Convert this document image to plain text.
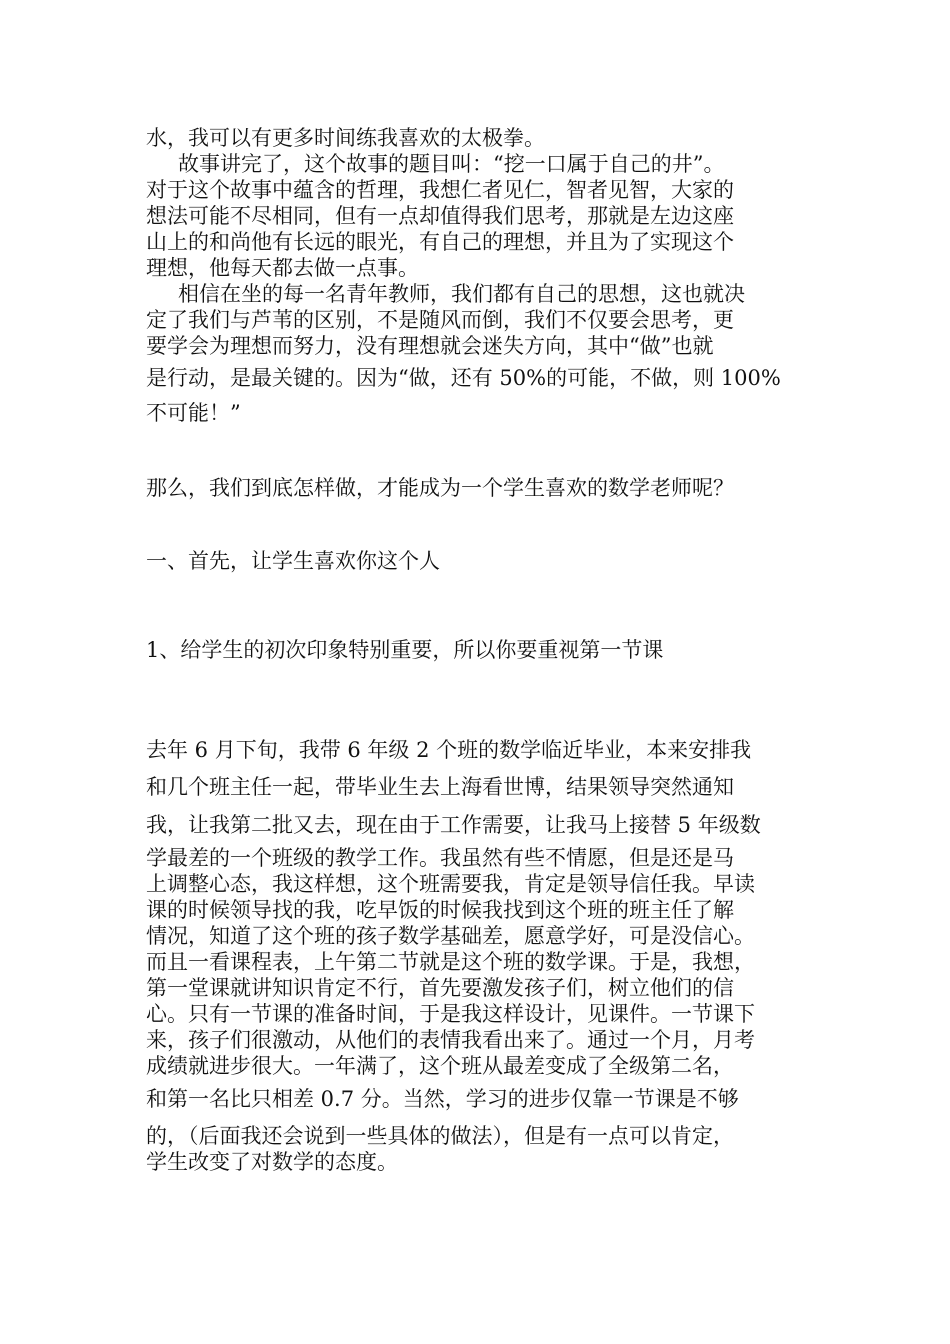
水，我可以有更多时间练我喜欢的太极拳。
故事讲完了，这个故事的题目叫：“挖一口属于自己的井”。
对于这个故事中蕴含的哲理，我想仁者见仁，智者见智，大家的
想法可能不尽相同，但有一点却值得我们思考，那就是左边这座
山上的和尚他有长远的眼光，有自己的理想，并且为了实现这个
理想，他每天都去做一点事。
相信在坐的每一名青年教师，我们都有自己的思想，这也就决
定了我们与芦苇的区别，不是随风而倒，我们不仅要会思考，更
要学会为理想而努力，没有理想就会迷失方向，其中“做”也就
是行动，是最关键的。因为“做，还有 50%的可能，不做，则 100%
不可能！”
那么，我们到底怎样做，才能成为一个学生喜欢的数学老师呢？
一、首先，让学生喜欢你这个人
1、给学生的初次印象特别重要，所以你要重视第一节课
去年 6 月下旬，我带 6 年级 2 个班的数学临近毕业，本来安排我
和几个班主任一起，带毕业生去上海看世博，结果领导突然通知
我，让我第二批又去，现在由于工作需要，让我马上接替 5 年级数
学最差的一个班级的教学工作。我虽然有些不情愿，但是还是马
上调整心态，我这样想，这个班需要我，肯定是领导信任我。早读
课的时候领导找的我，吃早饭的时候我找到这个班的班主任了解
情况，知道了这个班的孩子数学基础差，愿意学好，可是没信心。
而且一看课程表，上午第二节就是这个班的数学课。于是，我想，
第一堂课就讲知识肯定不行，首先要激发孩子们，树立他们的信
心。只有一节课的准备时间，于是我这样设计，见课件。一节课下
来，孩子们很激动，从他们的表情我看出来了。通过一个月，月考
成绩就进步很大。一年满了，这个班从最差变成了全级第二名，
和第一名比只相差 0.7 分。当然，学习的进步仅靠一节课是不够
的，（后面我还会说到一些具体的做法），但是有一点可以肯定，
学生改变了对数学的态度。
